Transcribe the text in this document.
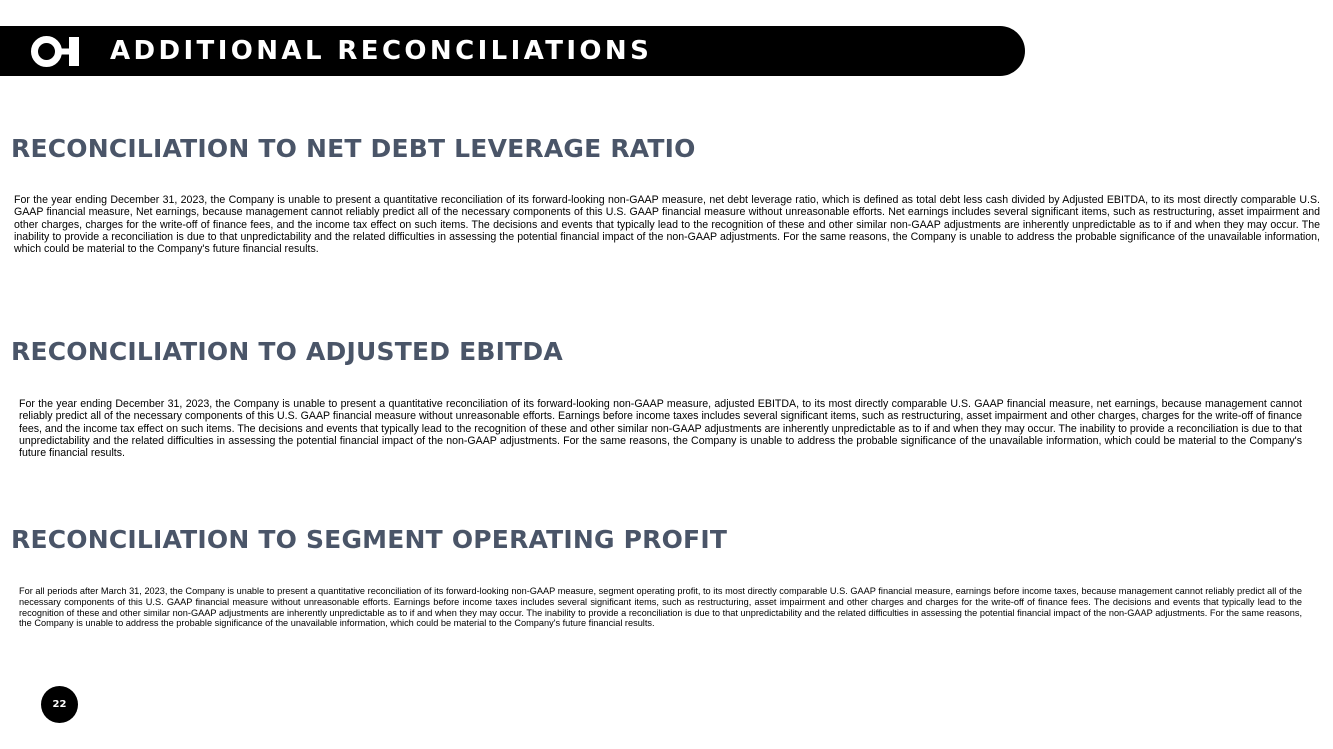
ADDITIONAL RECONCILIATIONS
RECONCILIATION TO NET DEBT LEVERAGE RATIO

For the year ending December 31, 2023, the Company is unable to present a quantitative reconciliation of its forward-looking non-GAAP measure, net debt leverage ratio, which is defined as total debt less cash divided by Adjusted EBITDA, to its most directly comparable U.S. GAAP financial measure, Net earnings, because management cannot reliably predict all of the necessary components of this U.S. GAAP financial measure without unreasonable efforts. Net earnings includes several significant items, such as restructuring, asset impairment and other charges, charges for the write-off of finance fees, and the income tax effect on such items. The decisions and events that typically lead to the recognition of these and other similar non-GAAP adjustments are inherently unpredictable as to if and when they may occur. The inability to provide a reconciliation is due to that unpredictability and the related difficulties in assessing the potential financial impact of the non-GAAP adjustments. For the same reasons, the Company is unable to address the probable significance of the unavailable information, which could be material to the Company's future financial results.

RECONCILIATION TO ADJUSTED EBITDA

For the year ending December 31, 2023, the Company is unable to present a quantitative reconciliation of its forward-looking non-GAAP measure, adjusted EBITDA, to its most directly comparable U.S. GAAP financial measure, net earnings, because management cannot reliably predict all of the necessary components of this U.S. GAAP financial measure without unreasonable efforts. Earnings before income taxes includes several significant items, such as restructuring, asset impairment and other charges, charges for the write-off of finance fees, and the income tax effect on such items. The decisions and events that typically lead to the recognition of these and other similar non-GAAP adjustments are inherently unpredictable as to if and when they may occur. The inability to provide a reconciliation is due to that unpredictability and the related difficulties in assessing the potential financial impact of the non-GAAP adjustments. For the same reasons, the Company is unable to address the probable significance of the unavailable information, which could be material to the Company's future financial results.

RECONCILIATION TO SEGMENT OPERATING PROFIT

For all periods after March 31, 2023, the Company is unable to present a quantitative reconciliation of its forward-looking non-GAAP measure, segment operating profit, to its most directly comparable U.S. GAAP financial measure, earnings before income taxes, because management cannot reliably predict all of the necessary components of this U.S. GAAP financial measure without unreasonable efforts. Earnings before income taxes includes several significant items, such as restructuring, asset impairment and other charges and charges for the write-off of finance fees. The decisions and events that typically lead to the recognition of these and other similar non-GAAP adjustments are inherently unpredictable as to if and when they may occur. The inability to provide a reconciliation is due to that unpredictability and the related difficulties in assessing the potential financial impact of the non-GAAP adjustments. For the same reasons, the Company is unable to address the probable significance of the unavailable information, which could be material to the Company's future financial results.

22
